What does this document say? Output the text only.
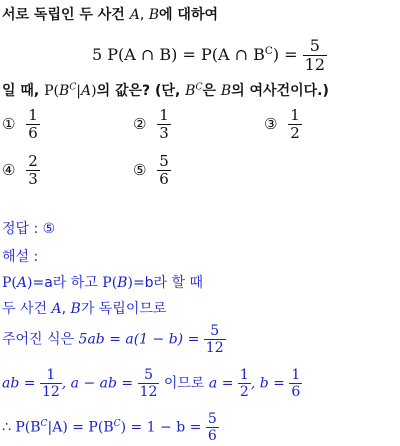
서로 독립인 두 사건 A, B에 대하여
5 P(A ∩ B) = P(A ∩ $B^C) = \frac{5}{12}$
일 때, $P(B^C|A)$의 값은? (단, $B^C$은 B의 여사건이다.)
① $\frac{1}{6}$	② $\frac{1}{3}$	③ $\frac{1}{2}$
④ $\frac{2}{3}$	⑤ $\frac{5}{6}$
정답 : ⑤
해설 :
P(A)=a라 하고 P(B)=b라 할 때
두 사건 A, B가 독립이므로
주어진 식은 $5ab = a(1 - b) = \frac{5}{12}$
ab = $\frac{1}{12}$ , a − ab = $\frac{5}{12}$ 이므로 $a = \frac{1}{2}$ , $b = \frac{1}{6}$
∴ $P(B^C|A) = P(B^C) = 1 - b = \frac{5}{6}$
